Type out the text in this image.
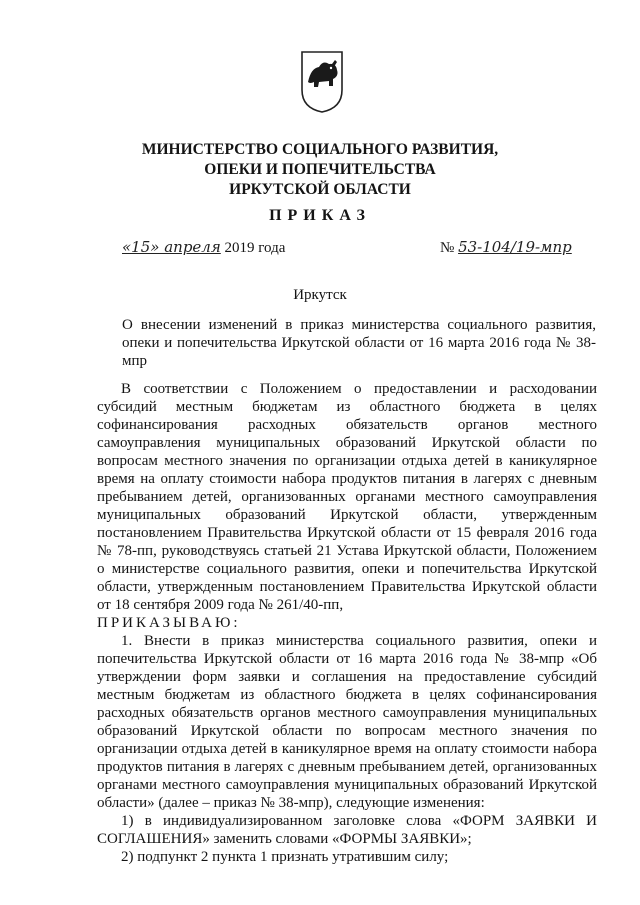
МИНИСТЕРСТВО СОЦИАЛЬНОГО РАЗВИТИЯ,
ОПЕКИ И ПОПЕЧИТЕЛЬСТВА
ИРКУТСКОЙ ОБЛАСТИ
ПРИКАЗ
«15» апреля 2019 года	№ 53-104/19-мпр
Иркутск
О внесении изменений в приказ министерства социального развития, опеки и попечительства Иркутской области от 16 марта 2016 года № 38-мпр

В соответствии с Положением о предоставлении и расходовании субсидий местным бюджетам из областного бюджета в целях софинансирования расходных обязательств органов местного самоуправления муниципальных образований Иркутской области по вопросам местного значения по организации отдыха детей в каникулярное время на оплату стоимости набора продуктов питания в лагерях с дневным пребыванием детей, организованных органами местного самоуправления муниципальных образований Иркутской области, утвержденным постановлением Правительства Иркутской области от 15 февраля 2016 года № 78-пп, руководствуясь статьей 21 Устава Иркутской области, Положением о министерстве социального развития, опеки и попечительства Иркутской области, утвержденным постановлением Правительства Иркутской области от 18 сентября 2009 года № 261/40-пп,

ПРИКАЗЫВАЮ:

1. Внести в приказ министерства социального развития, опеки и попечительства Иркутской области от 16 марта 2016 года № 38-мпр «Об утверждении форм заявки и соглашения на предоставление субсидий местным бюджетам из областного бюджета в целях софинансирования расходных обязательств органов местного самоуправления муниципальных образований Иркутской области по вопросам местного значения по организации отдыха детей в каникулярное время на оплату стоимости набора продуктов питания в лагерях с дневным пребыванием детей, организованных органами местного самоуправления муниципальных образований Иркутской области» (далее – приказ № 38-мпр), следующие изменения:

1) в индивидуализированном заголовке слова «ФОРМ ЗАЯВКИ И СОГЛАШЕНИЯ» заменить словами «ФОРМЫ ЗАЯВКИ»;

2) подпункт 2 пункта 1 признать утратившим силу;
